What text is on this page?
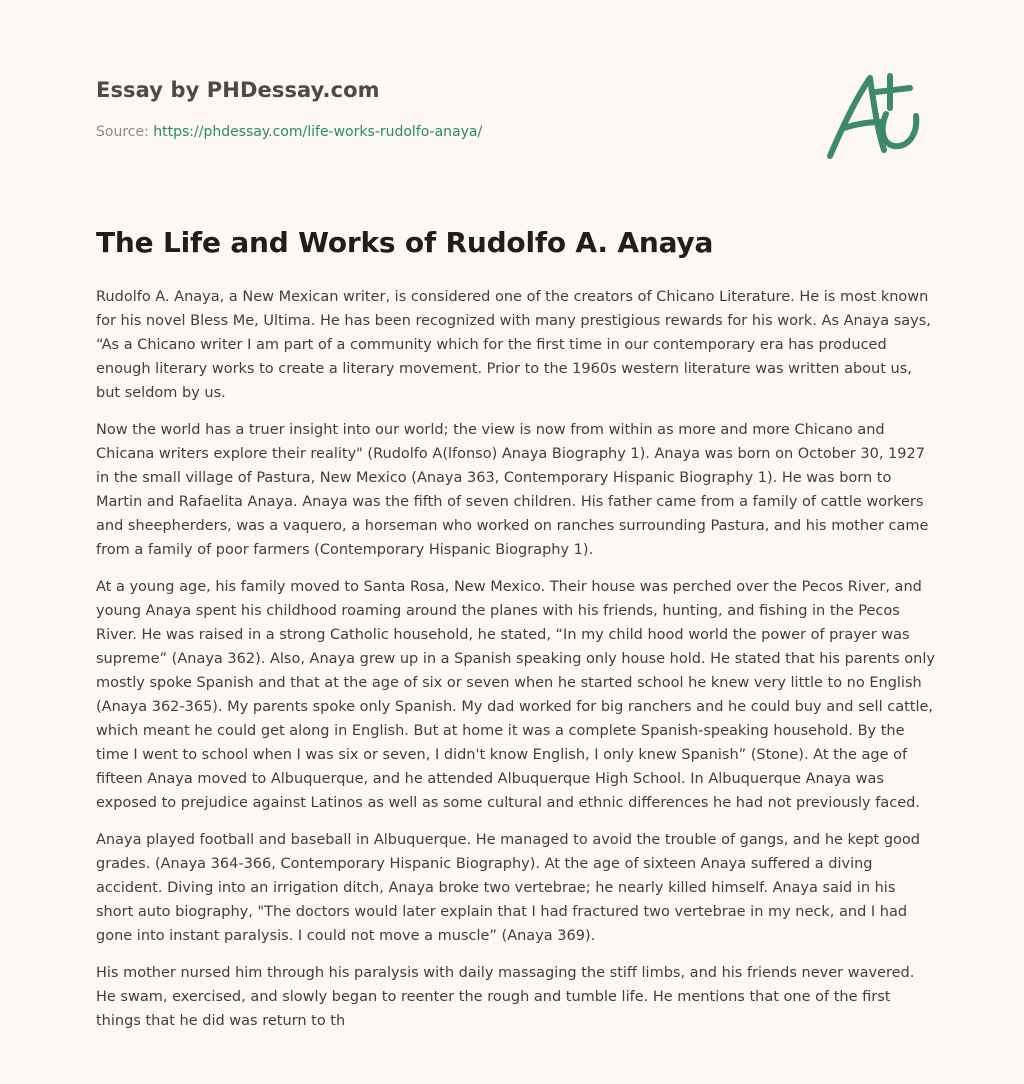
Essay by PHDessay.com
Source: https://phdessay.com/life-works-rudolfo-anaya/
The Life and Works of Rudolfo A. Anaya

Rudolfo A. Anaya, a New Mexican writer, is considered one of the creators of Chicano Literature. He is most known for his novel Bless Me, Ultima. He has been recognized with many prestigious rewards for his work. As Anaya says, “As a Chicano writer I am part of a community which for the first time in our contemporary era has produced enough literary works to create a literary movement. Prior to the 1960s western literature was written about us, but seldom by us.

Now the world has a truer insight into our world; the view is now from within as more and more Chicano and Chicana writers explore their reality" (Rudolfo A(lfonso) Anaya Biography 1). Anaya was born on October 30, 1927 in the small village of Pastura, New Mexico (Anaya 363, Contemporary Hispanic Biography 1). He was born to Martin and Rafaelita Anaya. Anaya was the fifth of seven children. His father came from a family of cattle workers and sheepherders, was a vaquero, a horseman who worked on ranches surrounding Pastura, and his mother came from a family of poor farmers (Contemporary Hispanic Biography 1).

At a young age, his family moved to Santa Rosa, New Mexico. Their house was perched over the Pecos River, and young Anaya spent his childhood roaming around the planes with his friends, hunting, and fishing in the Pecos River. He was raised in a strong Catholic household, he stated, “In my child hood world the power of prayer was supreme” (Anaya 362). Also, Anaya grew up in a Spanish speaking only house hold. He stated that his parents only mostly spoke Spanish and that at the age of six or seven when he started school he knew very little to no English (Anaya 362-365). My parents spoke only Spanish. My dad worked for big ranchers and he could buy and sell cattle, which meant he could get along in English. But at home it was a complete Spanish-speaking household. By the time I went to school when I was six or seven, I didn't know English, I only knew Spanish” (Stone). At the age of fifteen Anaya moved to Albuquerque, and he attended Albuquerque High School. In Albuquerque Anaya was exposed to prejudice against Latinos as well as some cultural and ethnic differences he had not previously faced.

Anaya played football and baseball in Albuquerque. He managed to avoid the trouble of gangs, and he kept good grades. (Anaya 364-366, Contemporary Hispanic Biography). At the age of sixteen Anaya suffered a diving accident. Diving into an irrigation ditch, Anaya broke two vertebrae; he nearly killed himself. Anaya said in his short auto biography, "The doctors would later explain that I had fractured two vertebrae in my neck, and I had gone into instant paralysis. I could not move a muscle” (Anaya 369).

His mother nursed him through his paralysis with daily massaging the stiff limbs, and his friends never wavered. He swam, exercised, and slowly began to reenter the rough and tumble life. He mentions that one of the first things that he did was return to th
